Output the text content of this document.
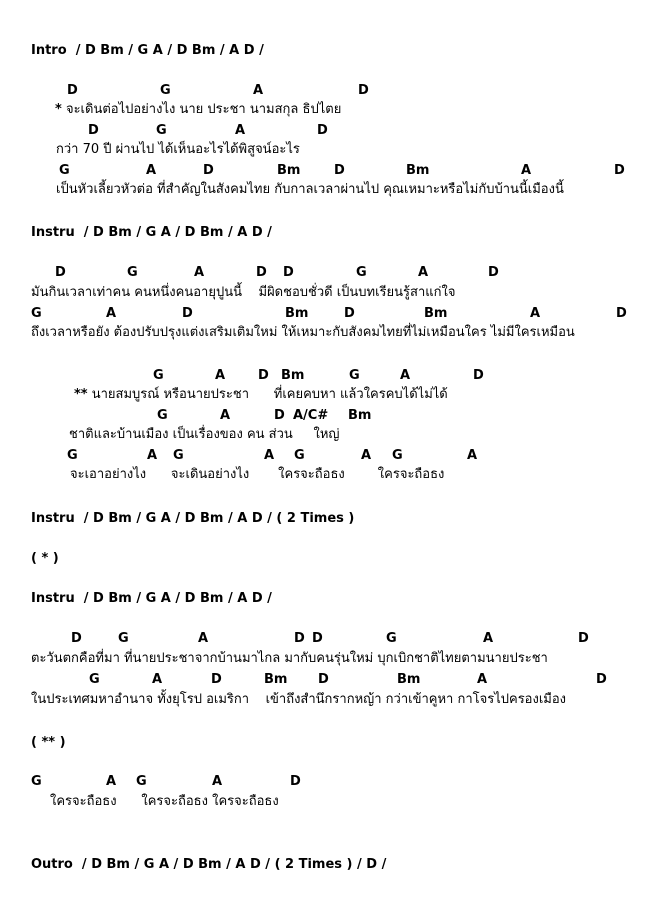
Intro  / D Bm / G A / D Bm / A D /
* จะเดินต่อไปอย่างไง นาย ประชา นามสกุล ธิปไตย
กว่า 70 ปี ผ่านไป ได้เห็นอะไรได้พิสูจน์อะไร
เป็นหัวเลี้ยวหัวต่อ ที่สำคัญในสังคมไทย กับกาลเวลาผ่านไป คุณเหมาะหรือไม่กับบ้านนี้เมืองนี้
Instru  / D Bm / G A / D Bm / A D /
มันกินเวลาเท่าคน คนหนึ่งคนอายุปูนนี้    มีผิดชอบชั่วดี เป็นบทเรียนรู้สาแก่ใจ
ถึงเวลาหรือยัง ต้องปรับปรุงแต่งเสริมเติมใหม่ ให้เหมาะกับสังคมไทยที่ไม่เหมือนใคร ไม่มีใครเหมือน
** นายสมบูรณ์ หรือนายประชา      ที่เคยคบหา แล้วใครคบได้ไม่ได้
ชาติและบ้านเมือง เป็นเรื่องของ คน ส่วน     ใหญ่
จะเอาอย่างไง      จะเดินอย่างไง       ใครจะถือธง        ใครจะถือธง
Instru  / D Bm / G A / D Bm / A D / ( 2 Times )
( * )
Instru  / D Bm / G A / D Bm / A D /
ตะวันตกคือที่มา ที่นายประชาจากบ้านมาไกล มากับคนรุ่นใหม่ บุกเบิกชาติไทยตามนายประชา
ในประเทศมหาอำนาจ ทั้งยุโรป อเมริกา    เข้าถึงสำนึกรากหญ้า กว่าเข้าคูหา กาโจรไปครองเมือง
( ** )
ใครจะถือธง      ใครจะถือธง ใครจะถือธง
Outro  / D Bm / G A / D Bm / A D / ( 2 Times ) / D /
D	G	A	D
D	G	A	D
G	A	D	Bm	D	Bm	A	D
D	G	A	D D	G	A	D
G	A	D	Bm	D	Bm	A	D
G	A	D Bm	G	A	D
G	A	D A/C# Bm
G	A G	A G	A G	A
D	G	A	D D	G	A	D
G	A	D	Bm D	Bm	A	D
G	A G	A	D
